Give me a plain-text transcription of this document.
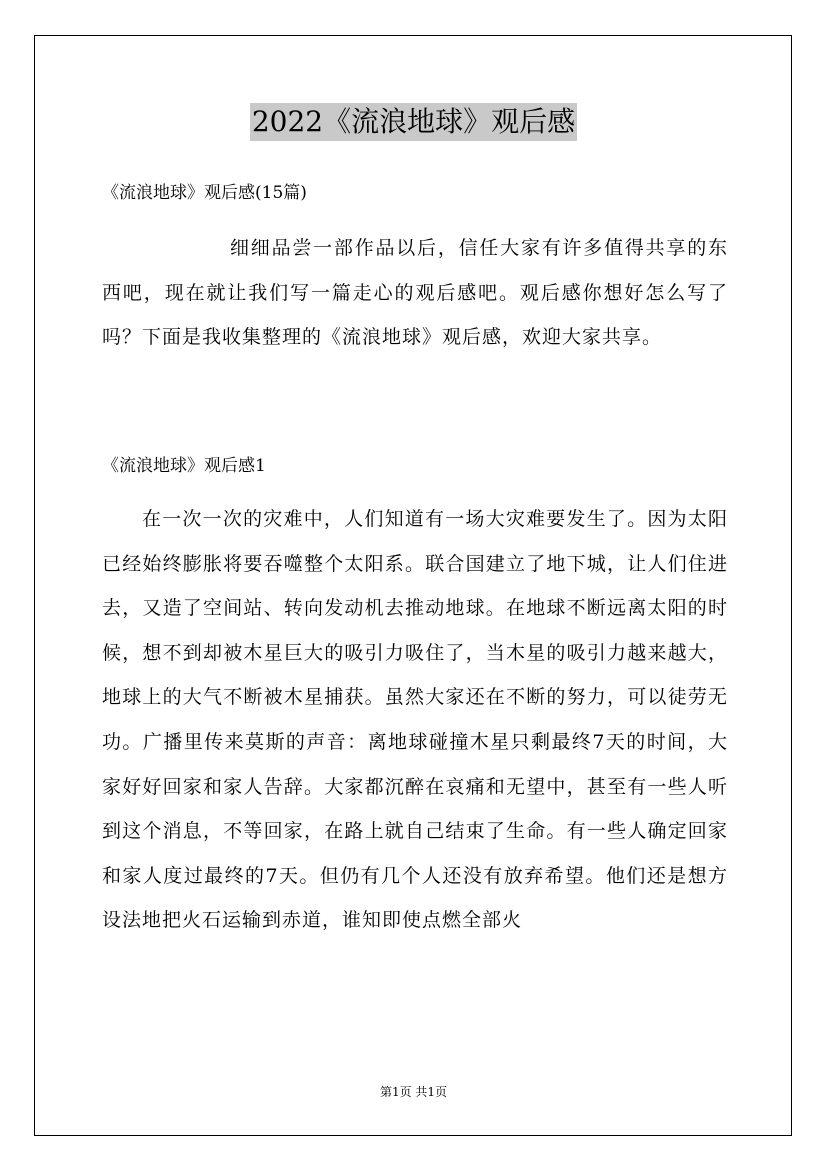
2022《流浪地球》观后感
《流浪地球》观后感(15篇)
细细品尝一部作品以后，信任大家有许多值得共享的东西吧，现在就让我们写一篇走心的观后感吧。观后感你想好怎么写了吗？下面是我收集整理的《流浪地球》观后感，欢迎大家共享。
《流浪地球》观后感1
在一次一次的灾难中，人们知道有一场大灾难要发生了。因为太阳已经始终膨胀将要吞噬整个太阳系。联合国建立了地下城，让人们住进去，又造了空间站、转向发动机去推动地球。在地球不断远离太阳的时候，想不到却被木星巨大的吸引力吸住了，当木星的吸引力越来越大，地球上的大气不断被木星捕获。虽然大家还在不断的努力，可以徒劳无功。广播里传来莫斯的声音：离地球碰撞木星只剩最终7天的时间，大家好好回家和家人告辞。大家都沉醉在哀痛和无望中，甚至有一些人听到这个消息，不等回家，在路上就自己结束了生命。有一些人确定回家和家人度过最终的7天。但仍有几个人还没有放弃希望。他们还是想方设法地把火石运输到赤道，谁知即使点燃全部火
第1页 共1页
